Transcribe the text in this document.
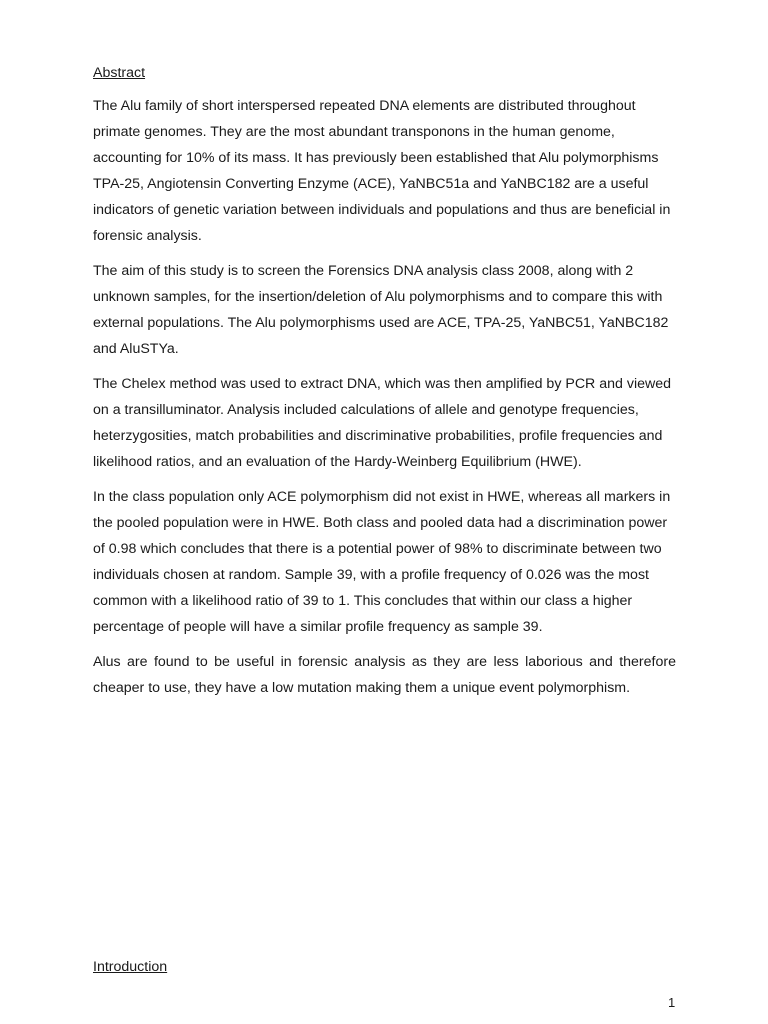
Abstract

The Alu family of short interspersed repeated DNA elements are distributed throughout primate genomes. They are the most abundant transponons in the human genome, accounting for 10% of its mass. It has previously been established that Alu polymorphisms TPA-25, Angiotensin Converting Enzyme (ACE), YaNBC51a and YaNBC182 are a useful indicators of genetic variation between individuals and populations and thus are beneficial in forensic analysis.

The aim of this study is to screen the Forensics DNA analysis class 2008, along with 2 unknown samples, for the insertion/deletion of Alu polymorphisms and to compare this with external populations. The Alu polymorphisms used are ACE, TPA-25, YaNBC51, YaNBC182 and AluSTYa.

The Chelex method was used to extract DNA, which was then amplified by PCR and viewed on a transilluminator. Analysis included calculations of allele and genotype frequencies, heterzygosities, match probabilities and discriminative probabilities, profile frequencies and likelihood ratios, and an evaluation of the Hardy-Weinberg Equilibrium (HWE).

In the class population only ACE polymorphism did not exist in HWE, whereas all markers in the pooled population were in HWE. Both class and pooled data had a discrimination power of 0.98 which concludes that there is a potential power of 98% to discriminate between two individuals chosen at random. Sample 39, with a profile frequency of 0.026 was the most common with a likelihood ratio of 39 to 1. This concludes that within our class a higher percentage of people will have a similar profile frequency as sample 39.

Alus are found to be useful in forensic analysis as they are less laborious and therefore cheaper to use, they have a low mutation making them a unique event polymorphism.

Introduction
1
